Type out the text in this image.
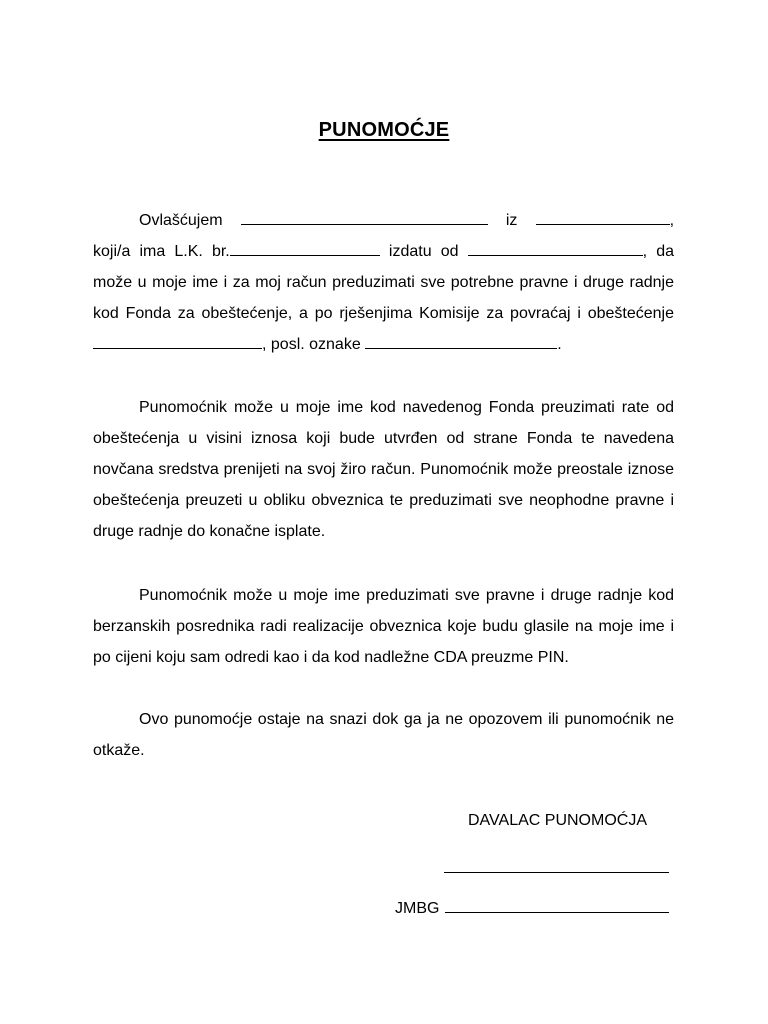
PUNOMOĆJE

Ovlašćujem	iz	, koji/a ima L.K. br.	izdatu od	, da može u moje ime i za moj račun preduzimati sve potrebne pravne i druge radnje kod Fonda za obeštećenje, a po rješenjima Komisije za povraćaj i obeštećenje , posl. oznake	.

Punomoćnik može u moje ime kod navedenog Fonda preuzimati rate od obeštećenja u visini iznosa koji bude utvrđen od strane Fonda te navedena novčana sredstva prenijeti na svoj žiro račun. Punomoćnik može preostale iznose obeštećenja preuzeti u obliku obveznica te preduzimati sve neophodne pravne i druge radnje do konačne isplate.

Punomoćnik može u moje ime preduzimati sve pravne i druge radnje kod berzanskih posrednika radi realizacije obveznica koje budu glasile na moje ime i po cijeni koju sam odredi kao i da kod nadležne CDA preuzme PIN.

Ovo punomoćje ostaje na snazi dok ga ja ne opozovem ili punomoćnik ne otkaže.

DAVALAC PUNOMOĆJA
JMBG
